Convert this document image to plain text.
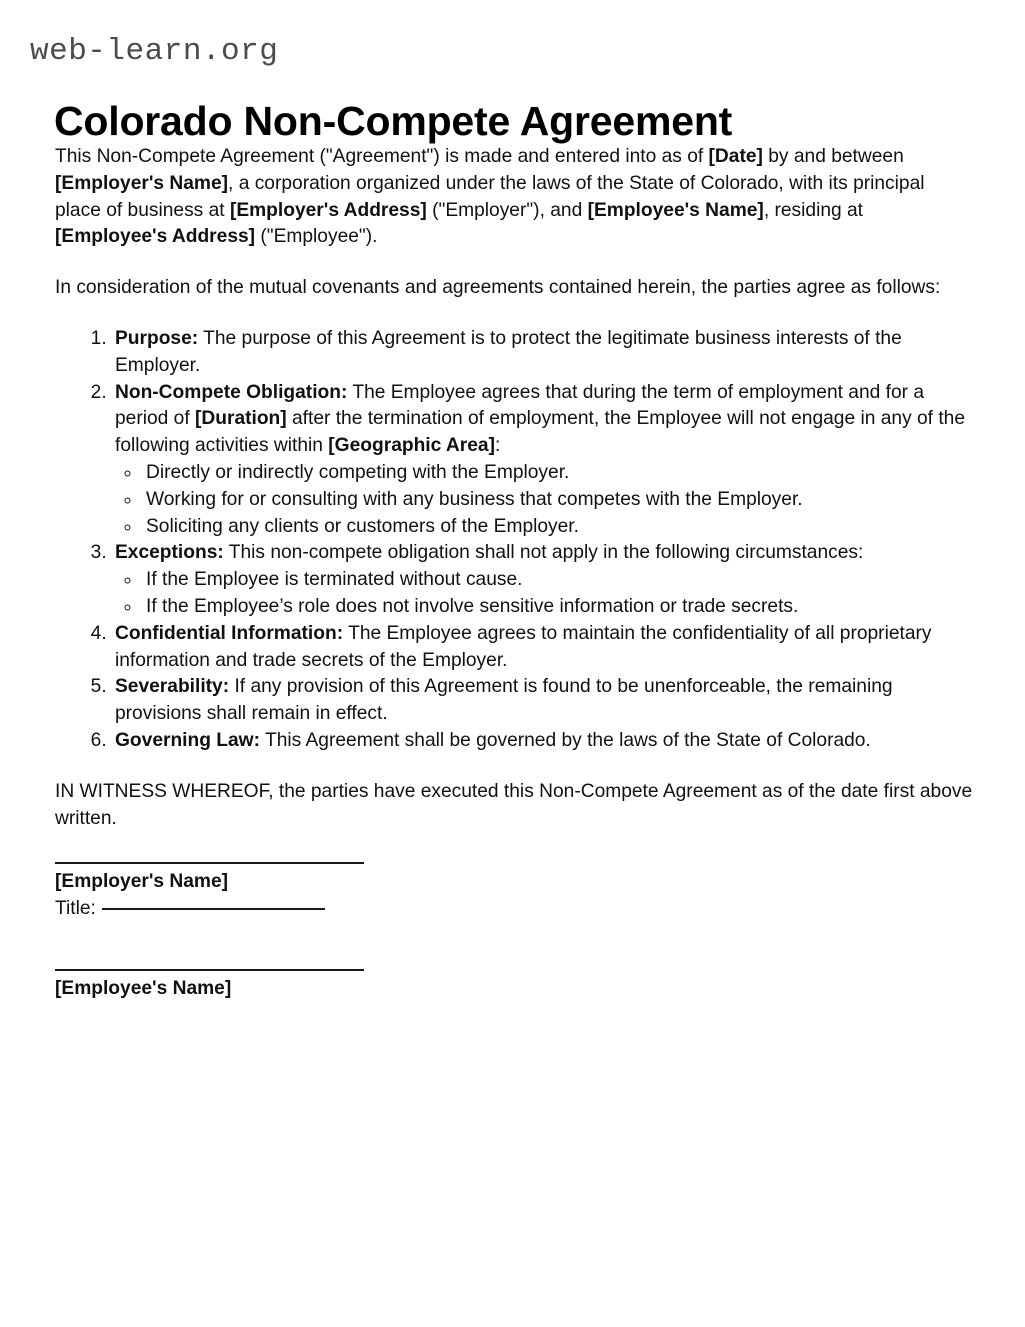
web-learn.org
Colorado Non-Compete Agreement

This Non-Compete Agreement ("Agreement") is made and entered into as of [Date] by and between [Employer's Name], a corporation organized under the laws of the State of Colorado, with its principal place of business at [Employer's Address] ("Employer"), and [Employee's Name], residing at [Employee's Address] ("Employee").

In consideration of the mutual covenants and agreements contained herein, the parties agree as follows:

1. Purpose: The purpose of this Agreement is to protect the legitimate business interests of the Employer.
2. Non-Compete Obligation: The Employee agrees that during the term of employment and for a period of [Duration] after the termination of employment, the Employee will not engage in any of the following activities within [Geographic Area]:
◦ Directly or indirectly competing with the Employer.
◦ Working for or consulting with any business that competes with the Employer.
◦ Soliciting any clients or customers of the Employer.
3. Exceptions: This non-compete obligation shall not apply in the following circumstances:
◦ If the Employee is terminated without cause.
◦ If the Employee’s role does not involve sensitive information or trade secrets.
4. Confidential Information: The Employee agrees to maintain the confidentiality of all proprietary information and trade secrets of the Employer.
5. Severability: If any provision of this Agreement is found to be unenforceable, the remaining provisions shall remain in effect.
6. Governing Law: This Agreement shall be governed by the laws of the State of Colorado.

IN WITNESS WHEREOF, the parties have executed this Non-Compete Agreement as of the date first above written.

[Employer's Name]
Title:
[Employee's Name]
